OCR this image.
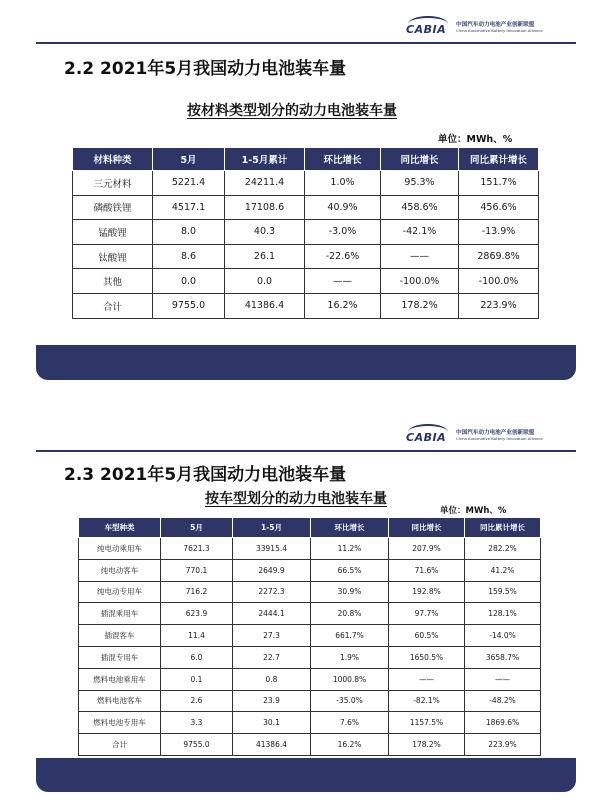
CABIA 中国汽车动力电池产业创新联盟
China Automotive Battery Innovation Alliance
2.2 2021年5月我国动力电池装车量
按材料类型划分的动力电池装车量
单位：MWh、%
材料种类	5月	1-5月累计	环比增长	同比增长	同比累计增长
三元材料	5221.4	24211.4	1.0%	95.3%	151.7%
磷酸铁锂	4517.1	17108.6	40.9%	458.6%	456.6%
锰酸锂	8.0	40.3	-3.0%	-42.1%	-13.9%
钛酸锂	8.6	26.1	-22.6%	——	2869.8%
其他	0.0	0.0	——	-100.0%	-100.0%
合计	9755.0	41386.4	16.2%	178.2%	223.9%
CABIA 中国汽车动力电池产业创新联盟
China Automotive Battery Innovation Alliance
2.3 2021年5月我国动力电池装车量
按车型划分的动力电池装车量
单位：MWh、%
车型种类	5月	1-5月	环比增长	同比增长	同比累计增长
纯电动乘用车	7621.3	33915.4	11.2%	207.9%	282.2%
纯电动客车	770.1	2649.9	66.5%	71.6%	41.2%
纯电动专用车	716.2	2272.3	30.9%	192.8%	159.5%
插混乘用车	623.9	2444.1	20.8%	97.7%	128.1%
插混客车	11.4	27.3	661.7%	60.5%	-14.0%
插混专用车	6.0	22.7	1.9%	1650.5%	3658.7%
燃料电池乘用车	0.1	0.8	1000.8%	——	——
燃料电池客车	2.6	23.9	-35.0%	-82.1%	-48.2%
燃料电池专用车	3.3	30.1	7.6%	1157.5%	1869.6%
合计	9755.0	41386.4	16.2%	178.2%	223.9%
